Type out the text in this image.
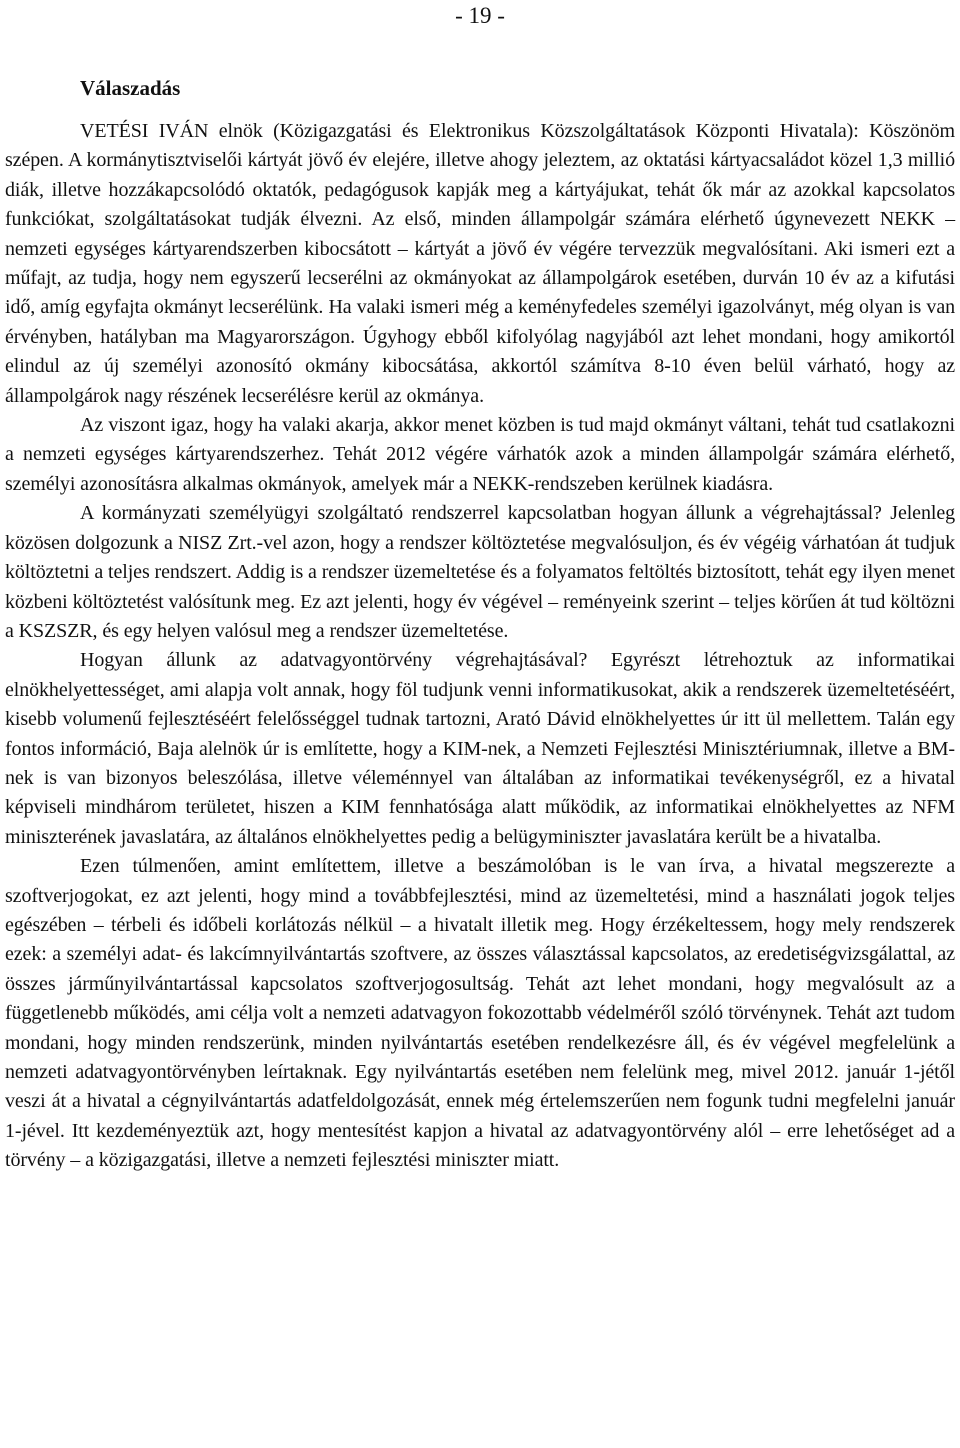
- 19 -
Válaszadás

VETÉSI IVÁN elnök (Közigazgatási és Elektronikus Közszolgáltatások Központi Hivatala): Köszönöm szépen. A kormánytisztviselői kártyát jövő év elejére, illetve ahogy jeleztem, az oktatási kártyacsaládot közel 1,3 millió diák, illetve hozzákapcsolódó oktatók, pedagógusok kapják meg a kártyájukat, tehát ők már az azokkal kapcsolatos funkciókat, szolgáltatásokat tudják élvezni. Az első, minden állampolgár számára elérhető úgynevezett NEKK – nemzeti egységes kártyarendszerben kibocsátott – kártyát a jövő év végére tervezzük megvalósítani. Aki ismeri ezt a műfajt, az tudja, hogy nem egyszerű lecserélni az okmányokat az állampolgárok esetében, durván 10 év az a kifutási idő, amíg egyfajta okmányt lecserélünk. Ha valaki ismeri még a keményfedeles személyi igazolványt, még olyan is van érvényben, hatályban ma Magyarországon. Úgyhogy ebből kifolyólag nagyjából azt lehet mondani, hogy amikortól elindul az új személyi azonosító okmány kibocsátása, akkortól számítva 8-10 éven belül várható, hogy az állampolgárok nagy részének lecserélésre kerül az okmánya.

Az viszont igaz, hogy ha valaki akarja, akkor menet közben is tud majd okmányt váltani, tehát tud csatlakozni a nemzeti egységes kártyarendszerhez. Tehát 2012 végére várhatók azok a minden állampolgár számára elérhető, személyi azonosításra alkalmas okmányok, amelyek már a NEKK-rendszeben kerülnek kiadásra.

A kormányzati személyügyi szolgáltató rendszerrel kapcsolatban hogyan állunk a végrehajtással? Jelenleg közösen dolgozunk a NISZ Zrt.-vel azon, hogy a rendszer költöztetése megvalósuljon, és év végéig várhatóan át tudjuk költöztetni a teljes rendszert. Addig is a rendszer üzemeltetése és a folyamatos feltöltés biztosított, tehát egy ilyen menet közbeni költöztetést valósítunk meg. Ez azt jelenti, hogy év végével – reményeink szerint – teljes körűen át tud költözni a KSZSZR, és egy helyen valósul meg a rendszer üzemeltetése.

Hogyan állunk az adatvagyontörvény végrehajtásával? Egyrészt létrehoztuk az informatikai elnökhelyettességet, ami alapja volt annak, hogy föl tudjunk venni informatikusokat, akik a rendszerek üzemeltetéséért, kisebb volumenű fejlesztéséért felelősséggel tudnak tartozni, Arató Dávid elnökhelyettes úr itt ül mellettem. Talán egy fontos információ, Baja alelnök úr is említette, hogy a KIM-nek, a Nemzeti Fejlesztési Minisztériumnak, illetve a BM-nek is van bizonyos beleszólása, illetve véleménnyel van általában az informatikai tevékenységről, ez a hivatal képviseli mindhárom területet, hiszen a KIM fennhatósága alatt működik, az informatikai elnökhelyettes az NFM miniszterének javaslatára, az általános elnökhelyettes pedig a belügyminiszter javaslatára került be a hivatalba.

Ezen túlmenően, amint említettem, illetve a beszámolóban is le van írva, a hivatal megszerezte a szoftverjogokat, ez azt jelenti, hogy mind a továbbfejlesztési, mind az üzemeltetési, mind a használati jogok teljes egészében – térbeli és időbeli korlátozás nélkül – a hivatalt illetik meg. Hogy érzékeltessem, hogy mely rendszerek ezek: a személyi adat- és lakcímnyilvántartás szoftvere, az összes választással kapcsolatos, az eredetiségvizsgálattal, az összes járműnyilvántartással kapcsolatos szoftverjogosultság. Tehát azt lehet mondani, hogy megvalósult az a függetlenebb működés, ami célja volt a nemzeti adatvagyon fokozottabb védelméről szóló törvénynek. Tehát azt tudom mondani, hogy minden rendszerünk, minden nyilvántartás esetében rendelkezésre áll, és év végével megfelelünk a nemzeti adatvagyontörvényben leírtaknak. Egy nyilvántartás esetében nem felelünk meg, mivel 2012. január 1-jétől veszi át a hivatal a cégnyilvántartás adatfeldolgozását, ennek még értelemszerűen nem fogunk tudni megfelelni január 1-jével. Itt kezdeményeztük azt, hogy mentesítést kapjon a hivatal az adatvagyontörvény alól – erre lehetőséget ad a törvény – a közigazgatási, illetve a nemzeti fejlesztési miniszter miatt.
